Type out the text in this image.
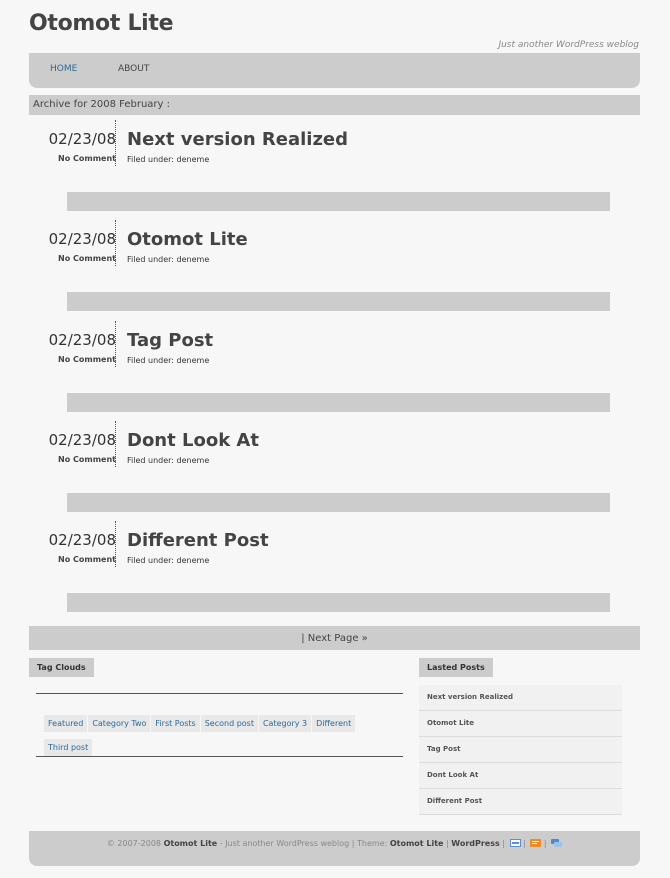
Otomot Lite
Just another WordPress weblog
HOME	ABOUT
Archive for 2008 February :
02/23/08
No Comment
Next version Realized
Filed under: deneme
02/23/08
No Comment
Otomot Lite
Filed under: deneme
02/23/08
No Comment
Tag Post
Filed under: deneme
02/23/08
No Comment
Dont Look At
Filed under: deneme
02/23/08
No Comment
Different Post
Filed under: deneme
| Next Page »
Tag Clouds
Featured Category Two First Posts Second post Category 3 Different
Third post
Lasted Posts
Next version Realized
Otomot Lite
Tag Post
Dont Look At
Different Post
© 2007-2008 Otomot Lite - Just another WordPress weblog | Theme: Otomot Lite | WordPress | | |
